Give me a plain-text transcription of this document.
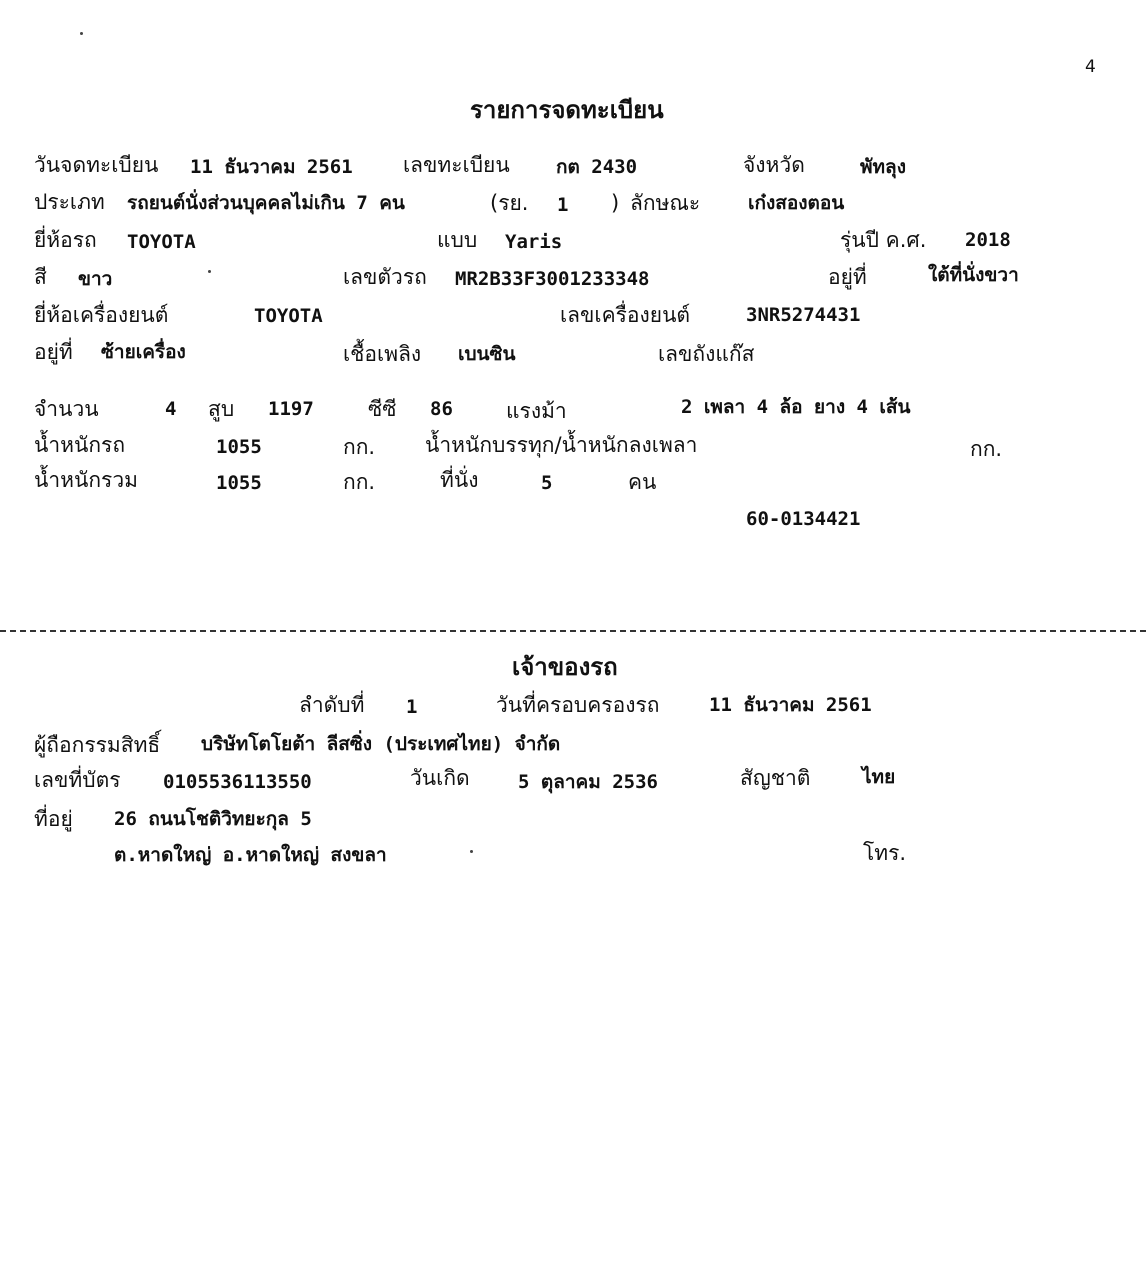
4
รายการจดทะเบียน
วันจดทะเบียน 11 ธันวาคม 2561 เลขทะเบียน กต 2430	จังหวัด	พัทลุง
ประเภท รถยนต์นั่งส่วนบุคคลไม่เกิน 7 คน	(รย. 1 ) ลักษณะ	เก๋งสองตอน
ยี่ห้อรถ TOYOTA	แบบ Yaris	รุ่นปี ค.ศ. 2018
สี ขาว	เลขตัวรถ MR2B33F3001233348	อยู่ที่	ใต้ที่นั่งขวา
ยี่ห้อเครื่องยนต์	TOYOTA	เลขเครื่องยนต์	3NR5274431
อยู่ที่ ซ้ายเครื่อง	เชื้อเพลิง เบนซิน	เลขถังแก๊ส
จำนวน	4 สูบ 1197	ซีซี 86	แรงม้า	2 เพลา 4 ล้อ ยาง 4 เส้น
น้ำหนักรถ	1055	กก. น้ำหนักบรรทุก/น้ำหนักลงเพลา	กก.
น้ำหนักรวม	1055	กก.	ที่นั่ง	5	คน
60-0134421
เจ้าของรถ
ลำดับที่ 1	วันที่ครอบครองรถ	11 ธันวาคม 2561
ผู้ถือกรรมสิทธิ์ บริษัทโตโยต้า ลีสซิ่ง (ประเทศไทย) จำกัด
เลขที่บัตร 0105536113550	วันเกิด	5 ตุลาคม 2536	สัญชาติ	ไทย
ที่อยู่ 26 ถนนโชติวิทยะกุล 5
ต.หาดใหญ่ อ.หาดใหญ่ สงขลา	โทร.
